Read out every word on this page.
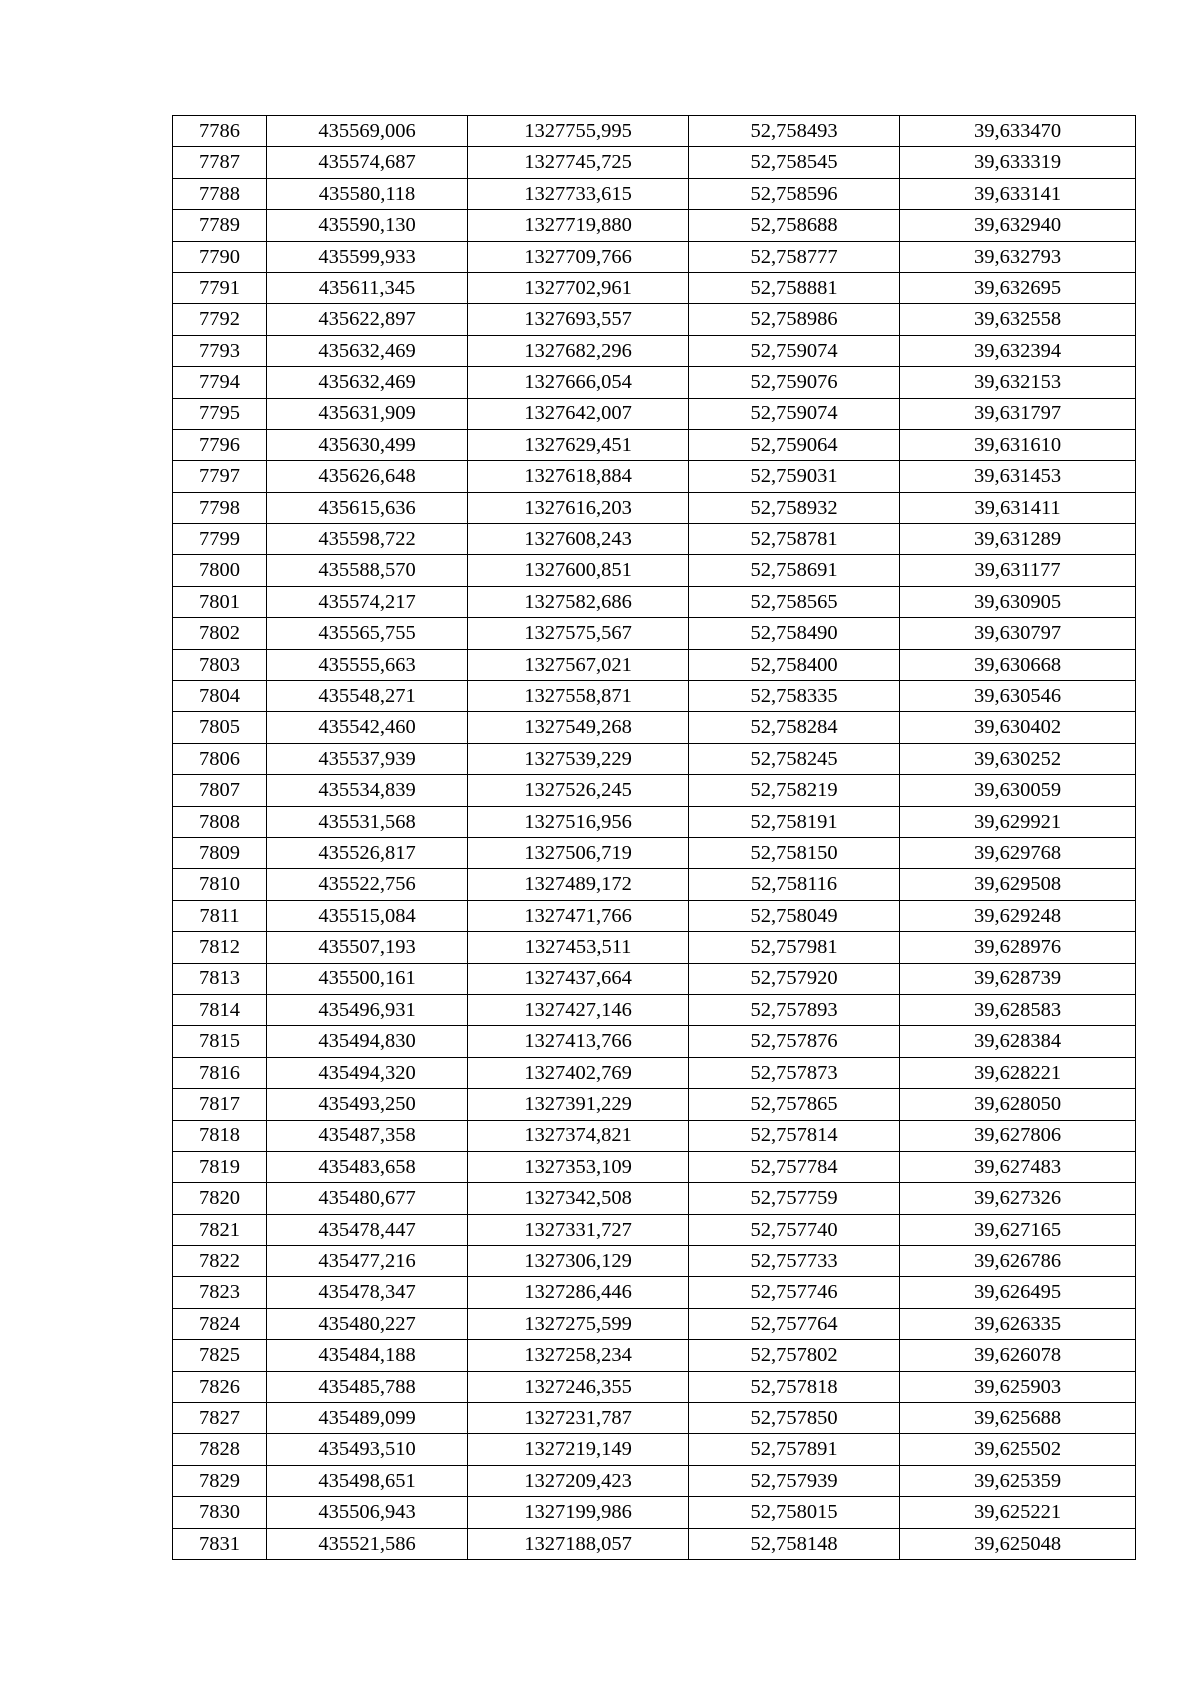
7786	435569,006	1327755,995	52,758493	39,633470
7787	435574,687	1327745,725	52,758545	39,633319
7788	435580,118	1327733,615	52,758596	39,633141
7789	435590,130	1327719,880	52,758688	39,632940
7790	435599,933	1327709,766	52,758777	39,632793
7791	435611,345	1327702,961	52,758881	39,632695
7792	435622,897	1327693,557	52,758986	39,632558
7793	435632,469	1327682,296	52,759074	39,632394
7794	435632,469	1327666,054	52,759076	39,632153
7795	435631,909	1327642,007	52,759074	39,631797
7796	435630,499	1327629,451	52,759064	39,631610
7797	435626,648	1327618,884	52,759031	39,631453
7798	435615,636	1327616,203	52,758932	39,631411
7799	435598,722	1327608,243	52,758781	39,631289
7800	435588,570	1327600,851	52,758691	39,631177
7801	435574,217	1327582,686	52,758565	39,630905
7802	435565,755	1327575,567	52,758490	39,630797
7803	435555,663	1327567,021	52,758400	39,630668
7804	435548,271	1327558,871	52,758335	39,630546
7805	435542,460	1327549,268	52,758284	39,630402
7806	435537,939	1327539,229	52,758245	39,630252
7807	435534,839	1327526,245	52,758219	39,630059
7808	435531,568	1327516,956	52,758191	39,629921
7809	435526,817	1327506,719	52,758150	39,629768
7810	435522,756	1327489,172	52,758116	39,629508
7811	435515,084	1327471,766	52,758049	39,629248
7812	435507,193	1327453,511	52,757981	39,628976
7813	435500,161	1327437,664	52,757920	39,628739
7814	435496,931	1327427,146	52,757893	39,628583
7815	435494,830	1327413,766	52,757876	39,628384
7816	435494,320	1327402,769	52,757873	39,628221
7817	435493,250	1327391,229	52,757865	39,628050
7818	435487,358	1327374,821	52,757814	39,627806
7819	435483,658	1327353,109	52,757784	39,627483
7820	435480,677	1327342,508	52,757759	39,627326
7821	435478,447	1327331,727	52,757740	39,627165
7822	435477,216	1327306,129	52,757733	39,626786
7823	435478,347	1327286,446	52,757746	39,626495
7824	435480,227	1327275,599	52,757764	39,626335
7825	435484,188	1327258,234	52,757802	39,626078
7826	435485,788	1327246,355	52,757818	39,625903
7827	435489,099	1327231,787	52,757850	39,625688
7828	435493,510	1327219,149	52,757891	39,625502
7829	435498,651	1327209,423	52,757939	39,625359
7830	435506,943	1327199,986	52,758015	39,625221
7831	435521,586	1327188,057	52,758148	39,625048
